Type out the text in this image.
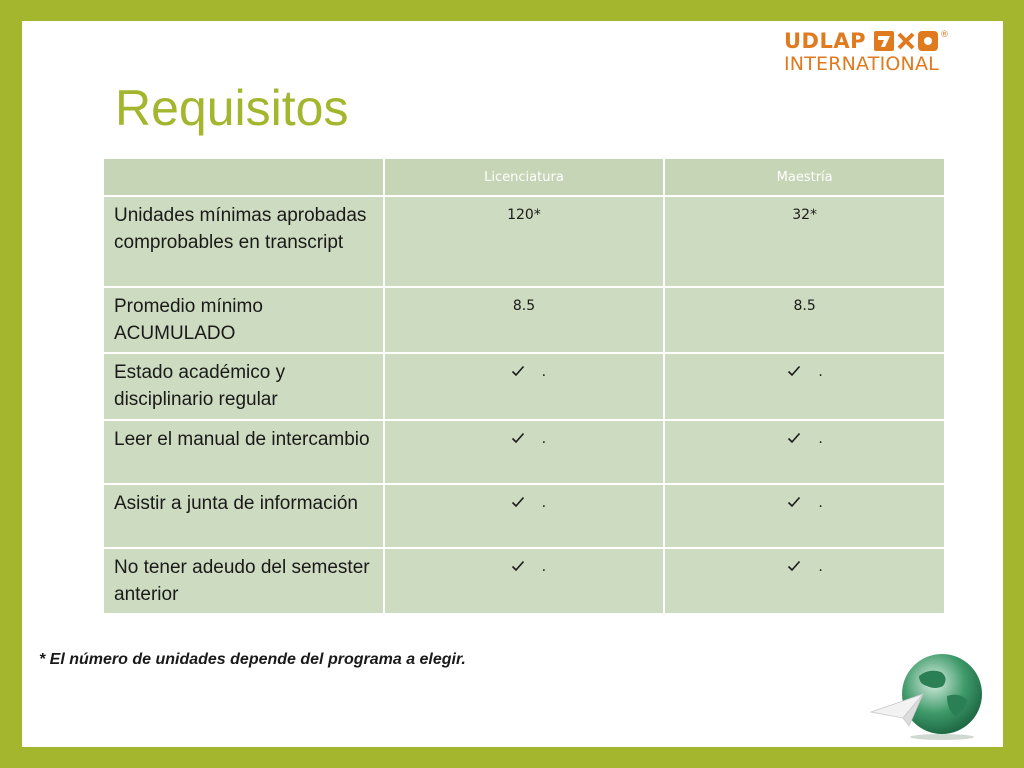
UDLAP	®
INTERNATIONAL
Requisitos
	Licenciatura	Maestría
Unidades mínimas aprobadas comprobables en transcript	120*	32*
Promedio mínimo ACUMULADO	8.5	8.5
Estado académico y disciplinario regular	.	.

Leer el manual de intercambio	.	.

Asistir a junta de información	.	.

No tener adeudo del semester anterior	.	.
* El número de unidades depende del programa a elegir.
